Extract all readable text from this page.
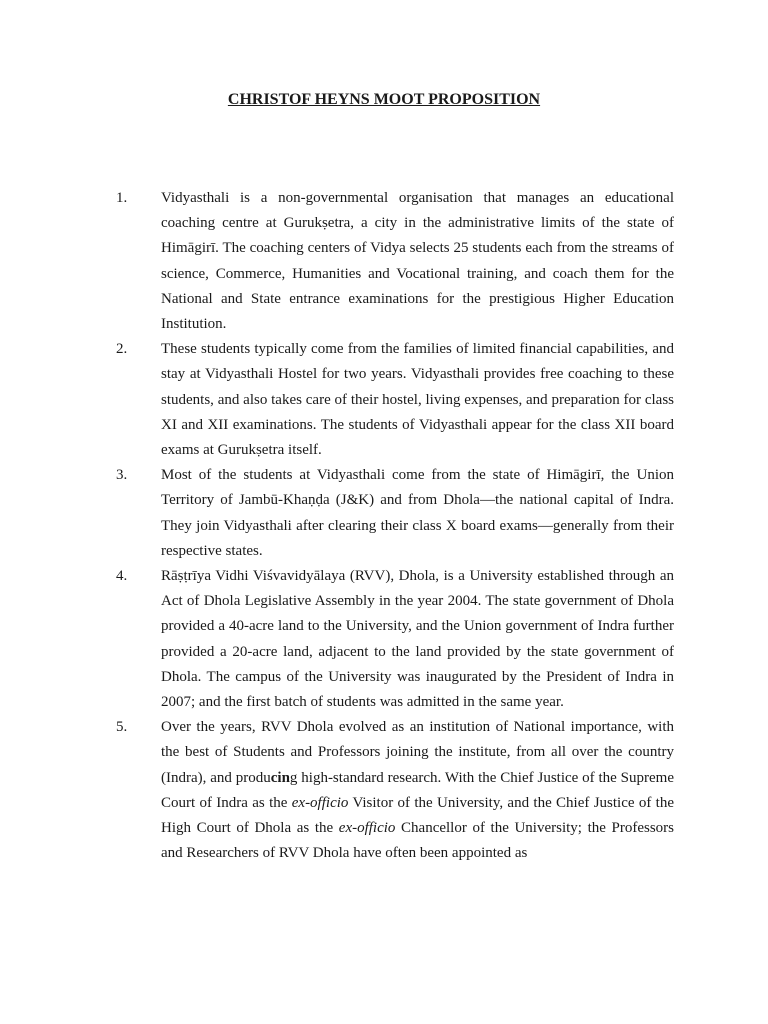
CHRISTOF HEYNS MOOT PROPOSITION
1. Vidyasthali is a non-governmental organisation that manages an educational coaching centre at Gurukṣetra, a city in the administrative limits of the state of Himāgirī. The coaching centers of Vidya selects 25 students each from the streams of science, Commerce, Humanities and Vocational training, and coach them for the National and State entrance examinations for the prestigious Higher Education Institution.
2. These students typically come from the families of limited financial capabilities, and stay at Vidyasthali Hostel for two years. Vidyasthali provides free coaching to these students, and also takes care of their hostel, living expenses, and preparation for class XI and XII examinations. The students of Vidyasthali appear for the class XII board exams at Gurukṣetra itself.
3. Most of the students at Vidyasthali come from the state of Himāgirī, the Union Territory of Jambū-Khaṇḍa (J&K) and from Dhola—the national capital of Indra. They join Vidyasthali after clearing their class X board exams—generally from their respective states.
4. Rāṣṭrīya Vidhi Viśvavidyālaya (RVV), Dhola, is a University established through an Act of Dhola Legislative Assembly in the year 2004. The state government of Dhola provided a 40-acre land to the University, and the Union government of Indra further provided a 20-acre land, adjacent to the land provided by the state government of Dhola. The campus of the University was inaugurated by the President of Indra in 2007; and the first batch of students was admitted in the same year.
5. Over the years, RVV Dhola evolved as an institution of National importance, with the best of Students and Professors joining the institute, from all over the country (Indra), and producing high-standard research. With the Chief Justice of the Supreme Court of Indra as the ex-officio Visitor of the University, and the Chief Justice of the High Court of Dhola as the ex-officio Chancellor of the University; the Professors and Researchers of RVV Dhola have often been appointed as
